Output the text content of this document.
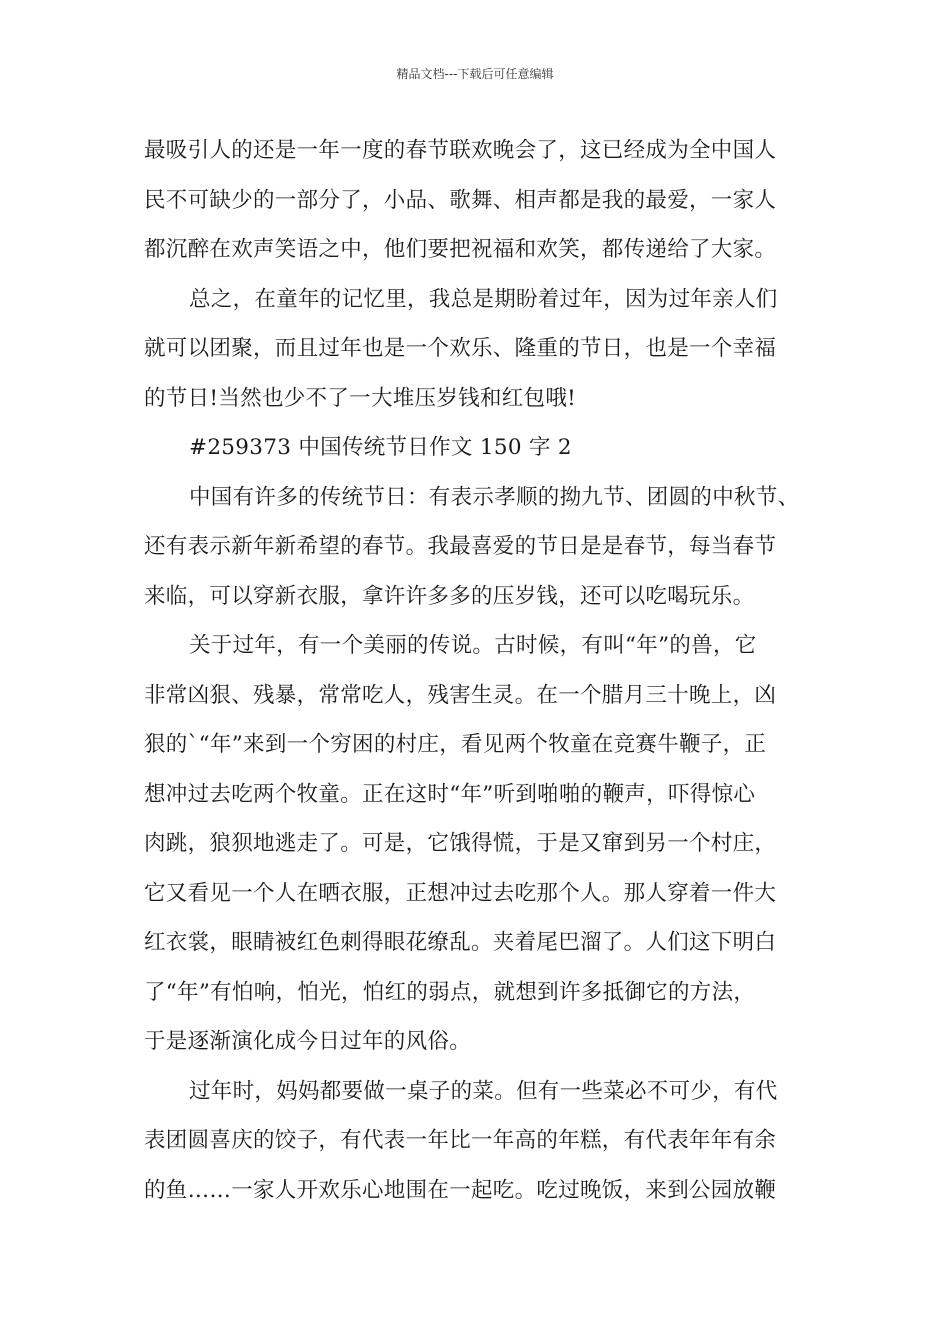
精品文档---下载后可任意编辑
最吸引人的还是一年一度的春节联欢晚会了，这已经成为全中国人
民不可缺少的一部分了，小品、歌舞、相声都是我的最爱，一家人
都沉醉在欢声笑语之中，他们要把祝福和欢笑，都传递给了大家。
总之，在童年的记忆里，我总是期盼着过年，因为过年亲人们
就可以团聚，而且过年也是一个欢乐、隆重的节日，也是一个幸福
的节日!当然也少不了一大堆压岁钱和红包哦!
#259373 中国传统节日作文 150 字 2
中国有许多的传统节日：有表示孝顺的拗九节、团圆的中秋节、
还有表示新年新希望的春节。我最喜爱的节日是是春节，每当春节
来临，可以穿新衣服，拿许许多多的压岁钱，还可以吃喝玩乐。
关于过年，有一个美丽的传说。古时候，有叫“年”的兽，它
非常凶狠、残暴，常常吃人，残害生灵。在一个腊月三十晚上，凶
狠的`“年”来到一个穷困的村庄，看见两个牧童在竞赛牛鞭子，正
想冲过去吃两个牧童。正在这时“年”听到啪啪的鞭声，吓得惊心
肉跳，狼狈地逃走了。可是，它饿得慌，于是又窜到另一个村庄，
它又看见一个人在晒衣服，正想冲过去吃那个人。那人穿着一件大
红衣裳，眼睛被红色刺得眼花缭乱。夹着尾巴溜了。人们这下明白
了“年”有怕响，怕光，怕红的弱点，就想到许多抵御它的方法，
于是逐渐演化成今日过年的风俗。
过年时，妈妈都要做一桌子的菜。但有一些菜必不可少，有代
表团圆喜庆的饺子，有代表一年比一年高的年糕，有代表年年有余
的鱼……一家人开欢乐心地围在一起吃。吃过晚饭，来到公园放鞭
